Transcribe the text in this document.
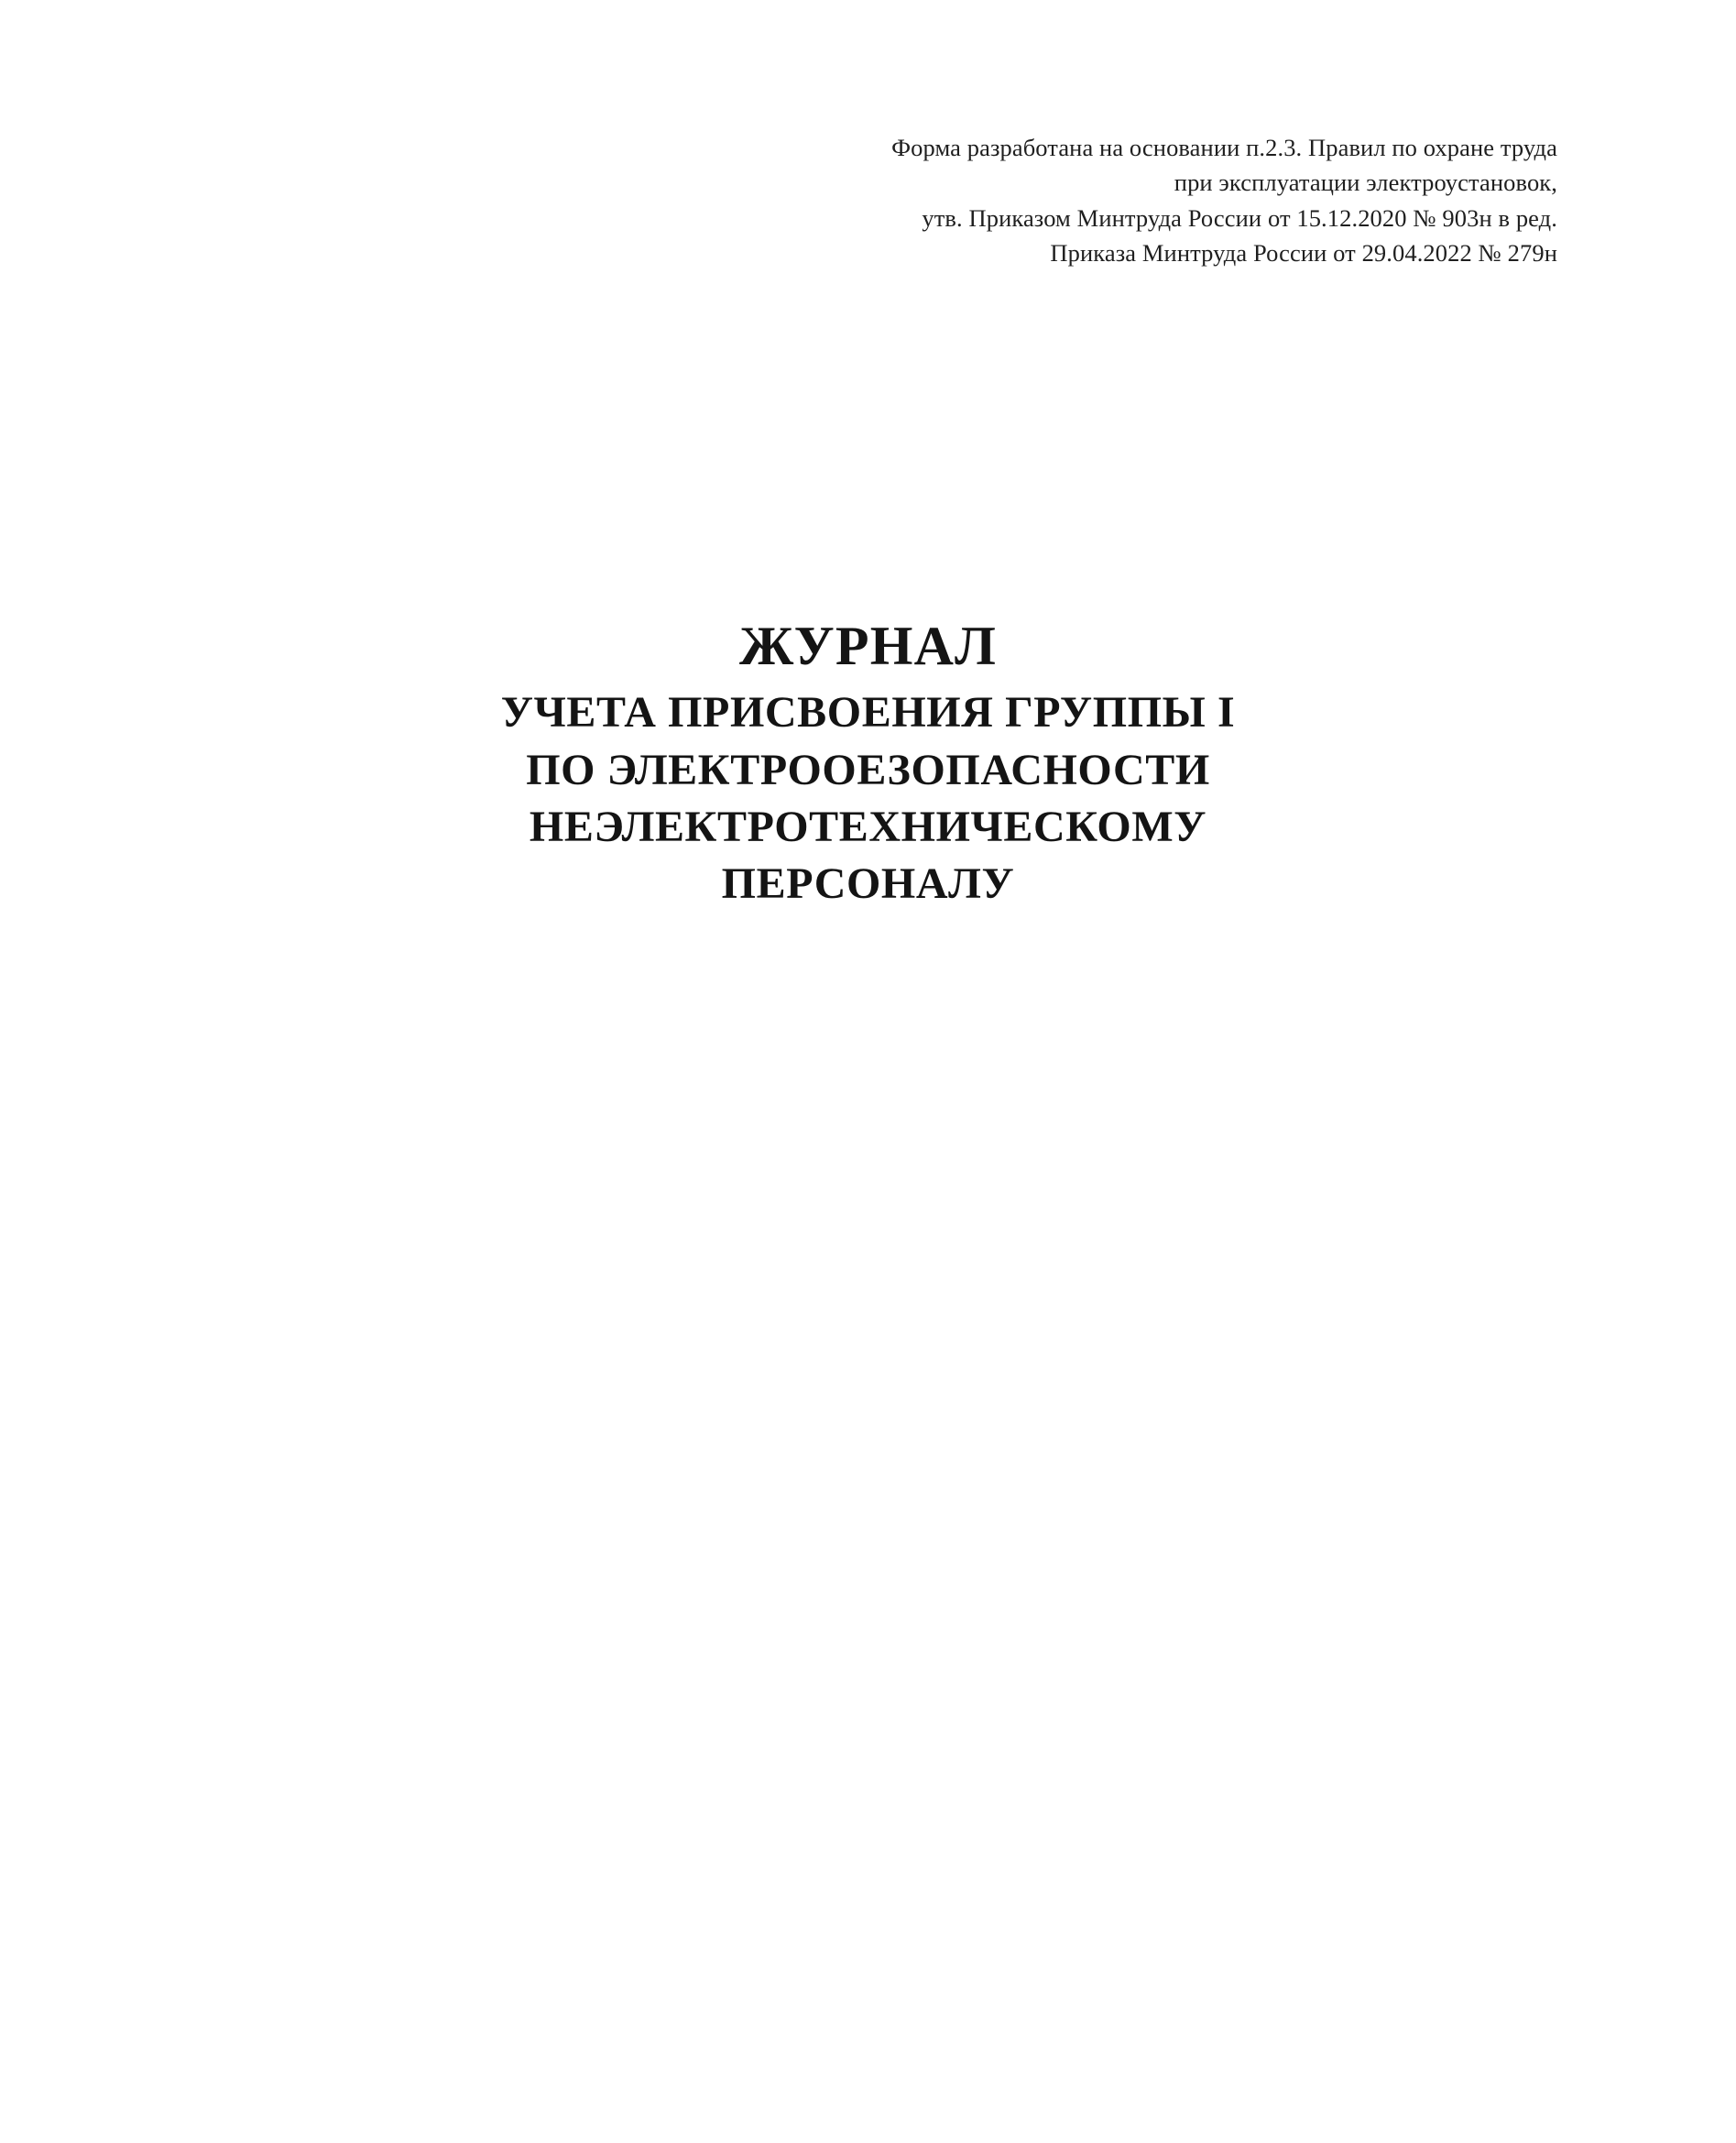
Форма разработана на основании п.2.3. Правил по охране труда
при эксплуатации электроустановок,
утв. Приказом Минтруда России от 15.12.2020 № 903н в ред.
Приказа Минтруда России от 29.04.2022 № 279н
ЖУРНАЛ
УЧЕТА ПРИСВОЕНИЯ ГРУППЫ I
ПО ЭЛЕКТРООЕЗОПАСНОСТИ
НЕЭЛЕКТРОТЕХНИЧЕСКОМУ
ПЕРСОНАЛУ
